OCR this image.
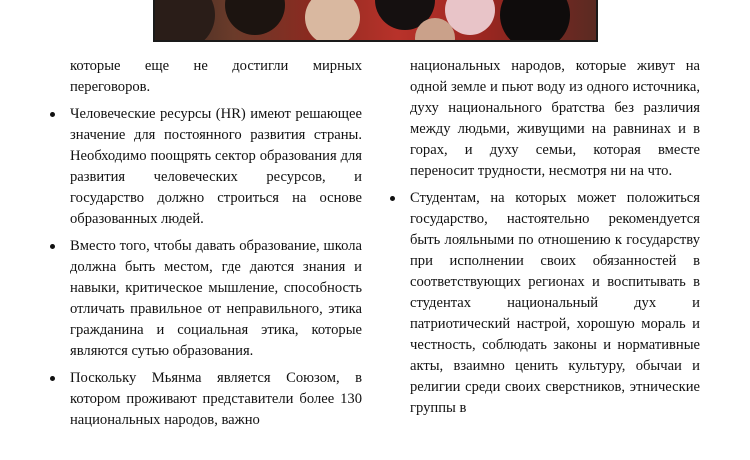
которые еще не достигли мирных переговоров.

Человеческие ресурсы (HR) имеют решающее значение для постоянного развития страны. Необходимо поощрять сектор образования для развития человеческих ресурсов, и государство должно строиться на основе образованных людей.
Вместо того, чтобы давать образование, школа должна быть местом, где даются знания и навыки, критическое мышление, способность отличать правильное от неправильного, этика гражданина и социальная этика, которые являются сутью образования.
Поскольку Мьянма является Союзом, в котором проживают представители более 130 национальных народов, важно

национальных народов, которые живут на одной земле и пьют воду из одного источника, духу национального братства без различия между людьми, живущими на равнинах и в горах, и духу семьи, которая вместе переносит трудности, несмотря ни на что.

Студентам, на которых может положиться государство, настоятельно рекомендуется быть лояльными по отношению к государству при исполнении своих обязанностей в соответствующих регионах и воспитывать в студентах национальный дух и патриотический настрой, хорошую мораль и честность, соблюдать законы и нормативные акты, взаимно ценить культуру, обычаи и религии среди своих сверстников, этнические группы в
